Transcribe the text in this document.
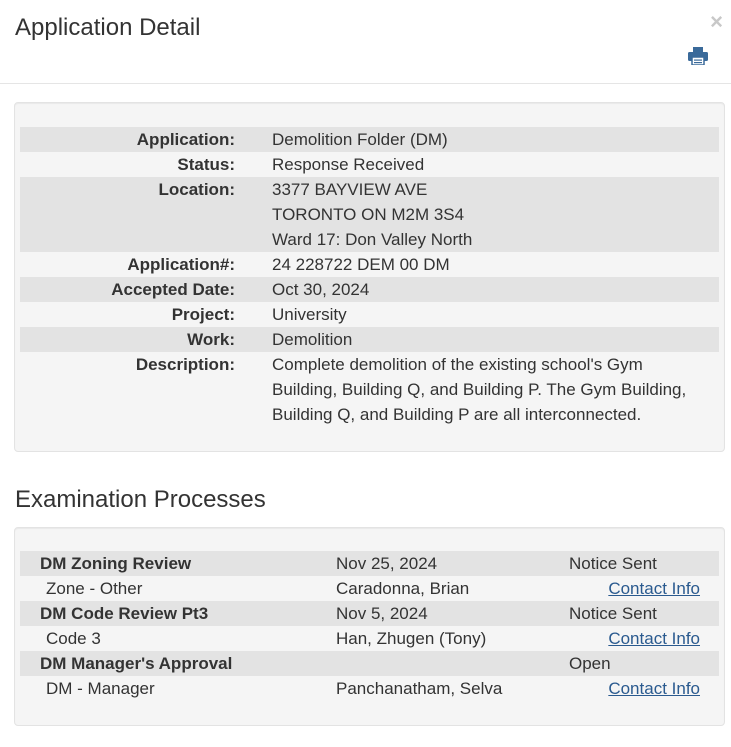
Application Detail	×
Application:	Demolition Folder (DM)

Status:	Response Received

Location:	3377 BAYVIEW AVE
TORONTO ON M2M 3S4
Ward 17: Don Valley North

Application#:	24 228722 DEM 00 DM

Accepted Date:	Oct 30, 2024

Project:	University

Work:	Demolition

Description:	Complete demolition of the existing school's Gym Building, Building Q, and Building P. The Gym Building, Building Q, and Building P are all interconnected.
Examination Processes
DM Zoning Review	Nov 25, 2024	Notice Sent
Zone - Other	Caradonna, Brian	Contact Info
DM Code Review Pt3	Nov 5, 2024	Notice Sent
Code 3	Han, Zhugen (Tony)	Contact Info
DM Manager's Approval		Open
DM - Manager	Panchanatham, Selva	Contact Info
